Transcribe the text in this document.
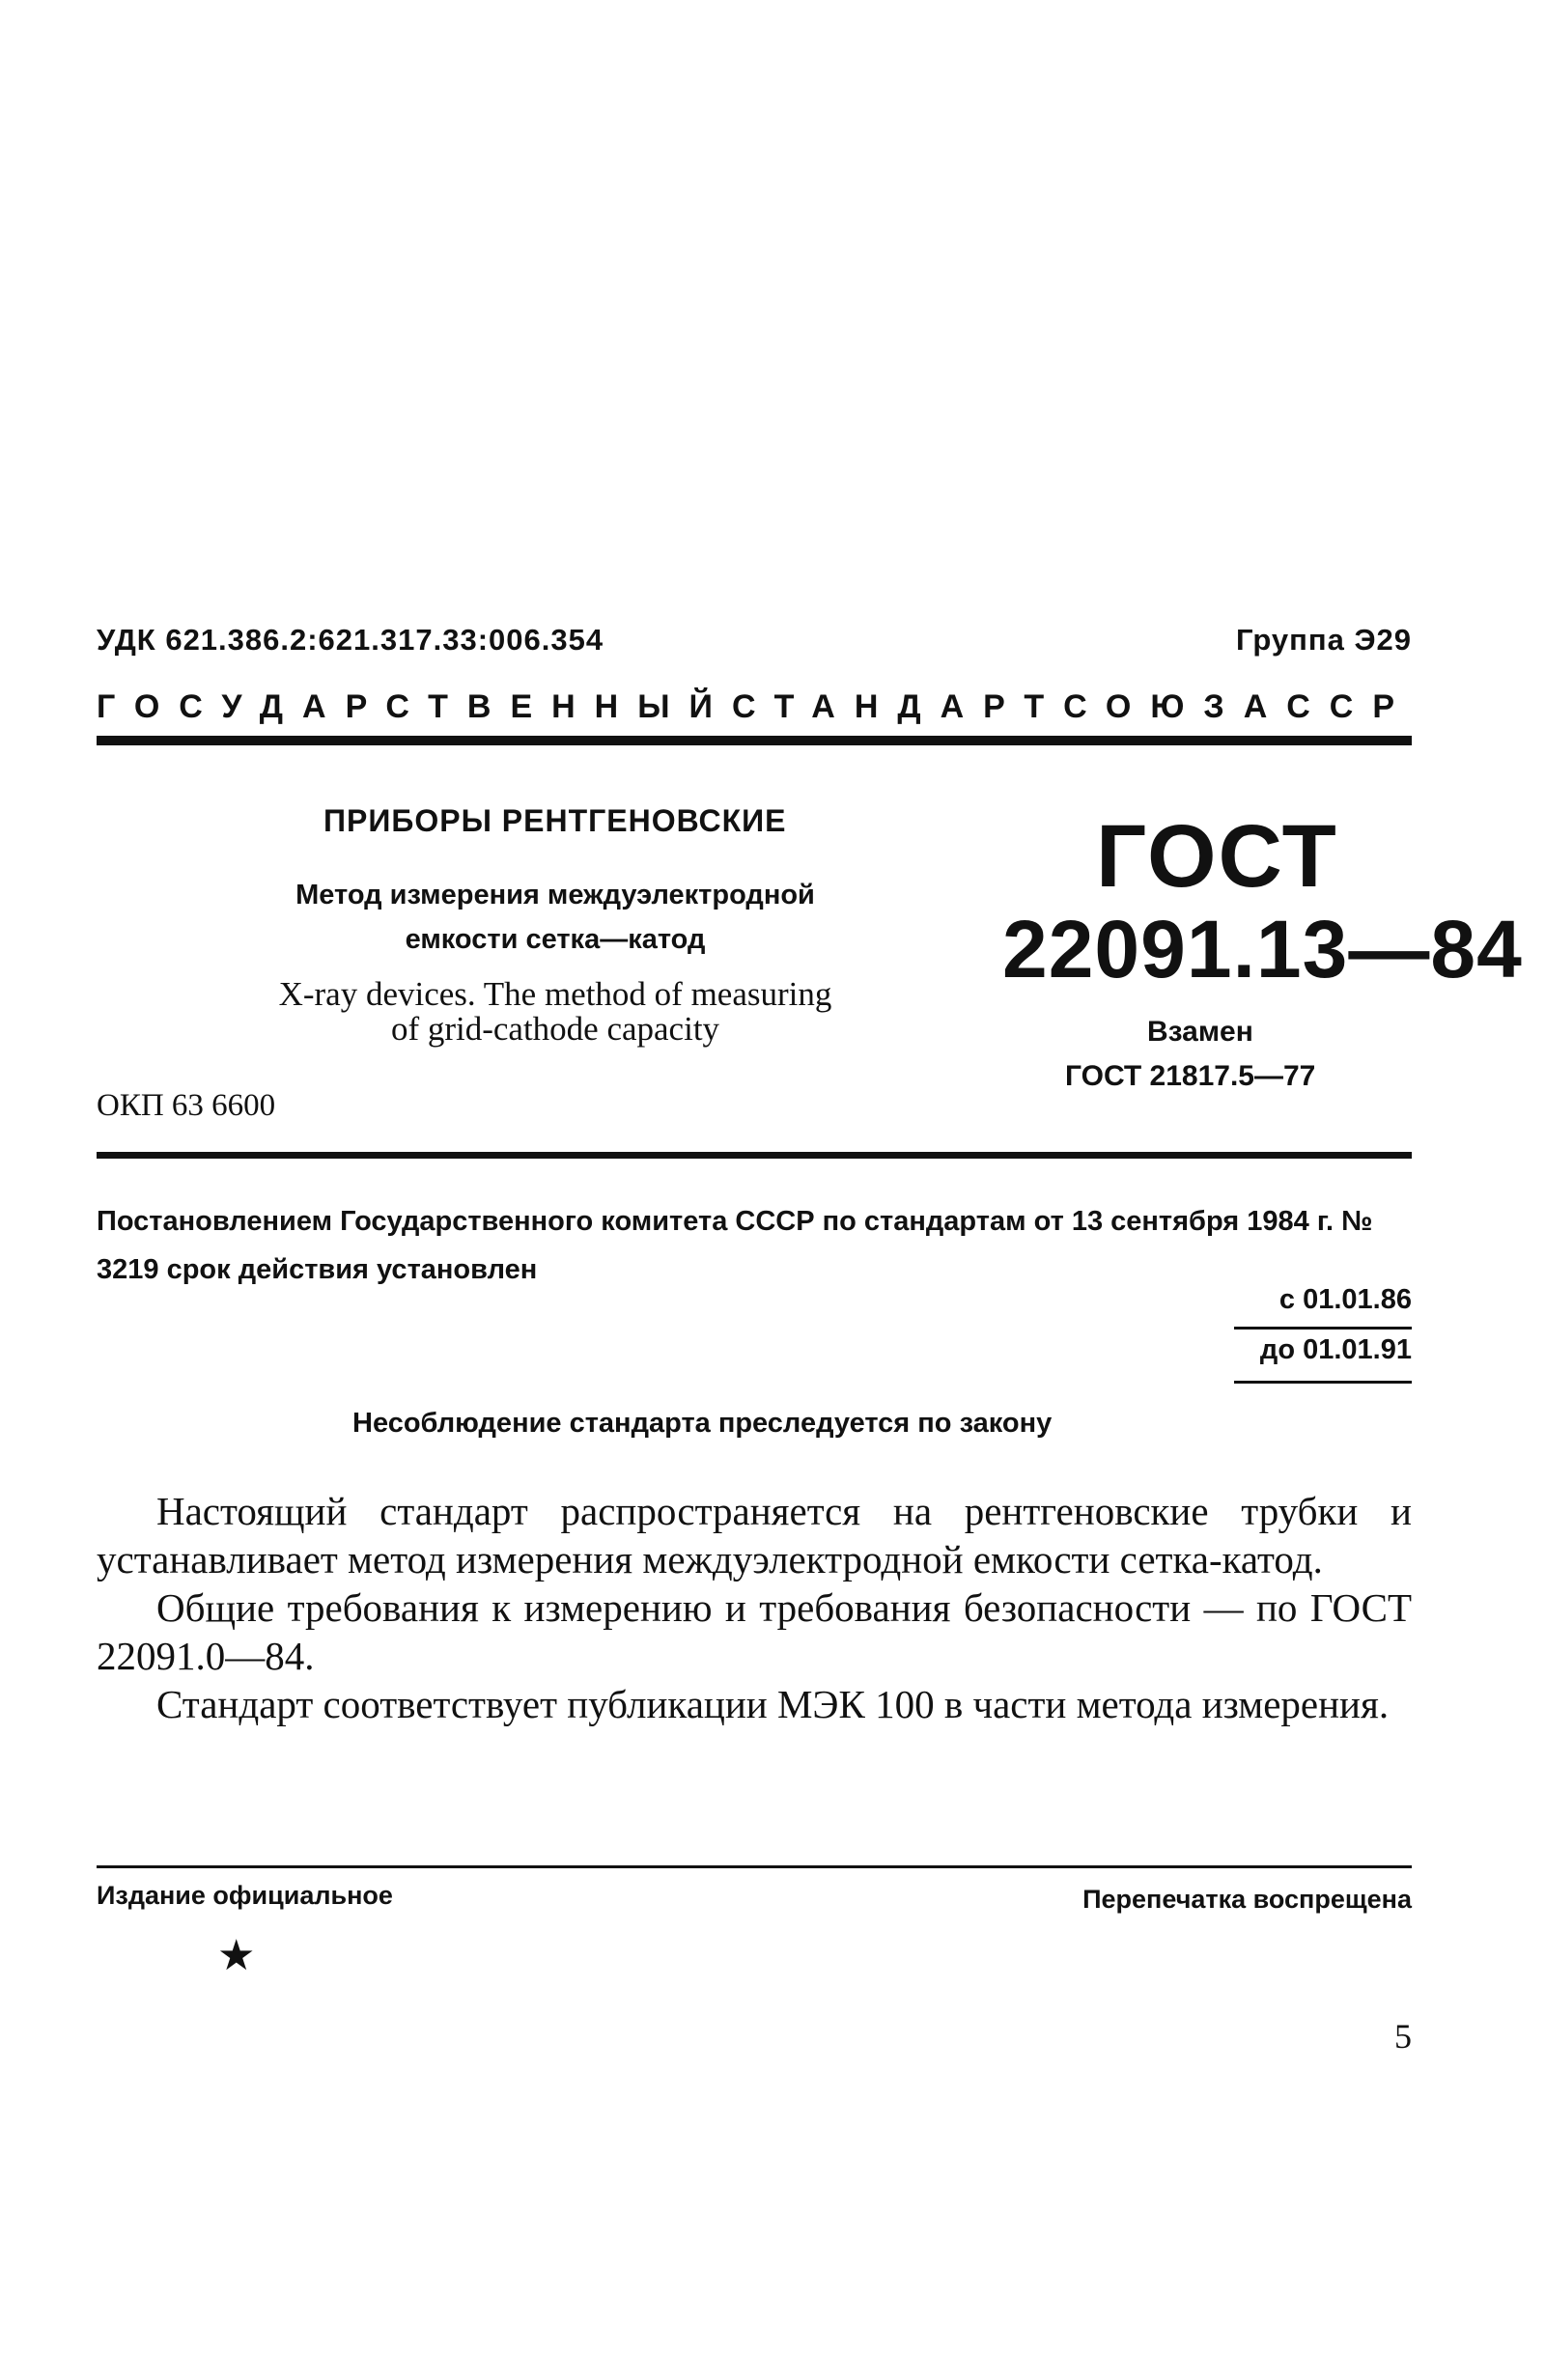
УДК 621.386.2:621.317.33:006.354	Группа Э29
ГОСУДАРСТВЕННЫЙ СТАНДАРТ СОЮЗА ССР
ПРИБОРЫ РЕНТГЕНОВСКИЕ
Метод измерения междуэлектродной
емкости сетка—катод
ГОСТ
22091.13—84
X-ray devices. The method of measuring
of grid-cathode capacity	Взамен
ГОСТ 21817.5—77
ОКП 63 6600
Постановлением Государственного комитета СССР по стандартам от 13 сентября 1984 г. № 3219 срок действия установлен
с 01.01.86
до 01.01.91
Несоблюдение стандарта преследуется по закону

Настоящий стандарт распространяется на рентгеновские трубки и устанавливает метод измерения междуэлектродной емкости сетка-катод.

Общие требования к измерению и требования безопасности — по ГОСТ 22091.0—84.

Стандарт соответствует публикации МЭК 100 в части метода измерения.

Издание официальное	Перепечатка воспрещена
★
5
